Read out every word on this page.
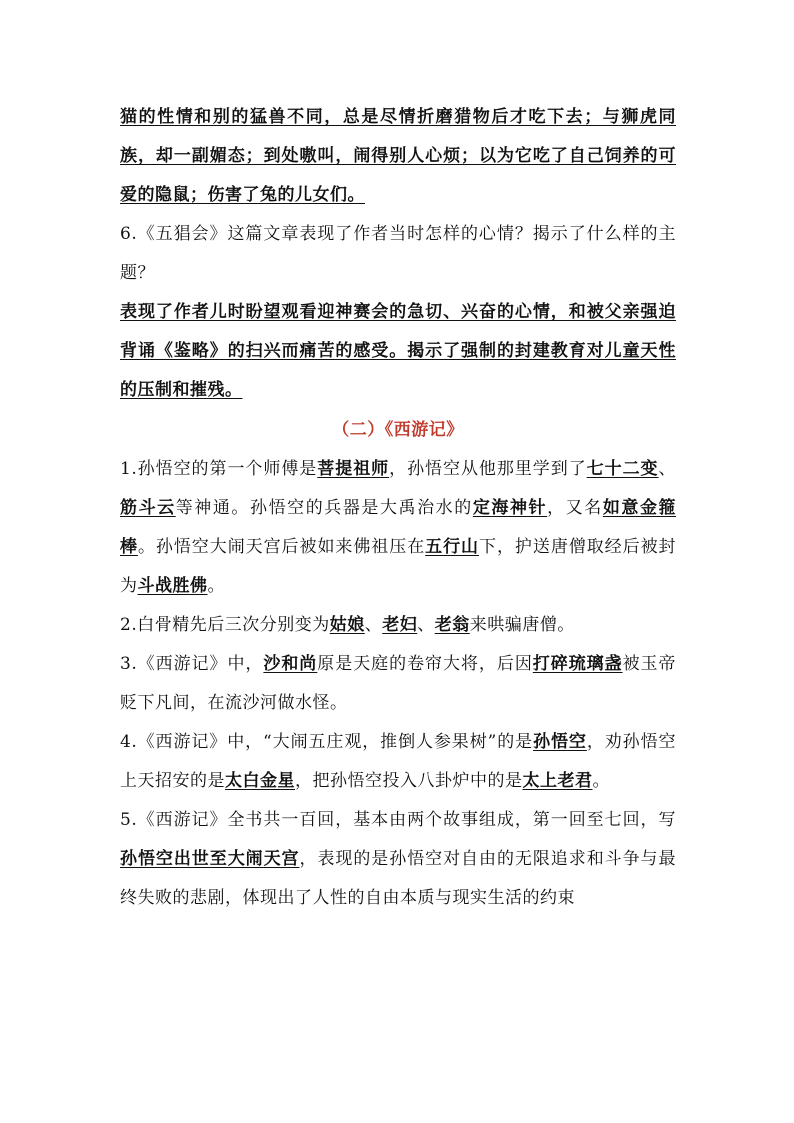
猫的性情和别的猛兽不同，总是尽情折磨猎物后才吃下去；与狮虎同族，却一副媚态；到处嗷叫，闹得别人心烦；以为它吃了自己饲养的可爱的隐鼠；伤害了兔的儿女们。

6.《五猖会》这篇文章表现了作者当时怎样的心情？揭示了什么样的主题？

表现了作者儿时盼望观看迎神赛会的急切、兴奋的心情，和被父亲强迫背诵《鉴略》的扫兴而痛苦的感受。揭示了强制的封建教育对儿童天性的压制和摧残。

（二）《西游记》

1.孙悟空的第一个师傅是菩提祖师，孙悟空从他那里学到了七十二变、筋斗云等神通。孙悟空的兵器是大禹治水的定海神针，又名如意金箍棒。孙悟空大闹天宫后被如来佛祖压在五行山下，护送唐僧取经后被封为斗战胜佛。

2.白骨精先后三次分别变为姑娘、老妇、老翁来哄骗唐僧。

3.《西游记》中，沙和尚原是天庭的卷帘大将，后因打碎琉璃盏被玉帝贬下凡间，在流沙河做水怪。

4.《西游记》中，“大闹五庄观，推倒人参果树”的是孙悟空，劝孙悟空上天招安的是太白金星，把孙悟空投入八卦炉中的是太上老君。

5.《西游记》全书共一百回，基本由两个故事组成，第一回至七回，写孙悟空出世至大闹天宫，表现的是孙悟空对自由的无限追求和斗争与最终失败的悲剧，体现出了人性的自由本质与现实生活的约束
